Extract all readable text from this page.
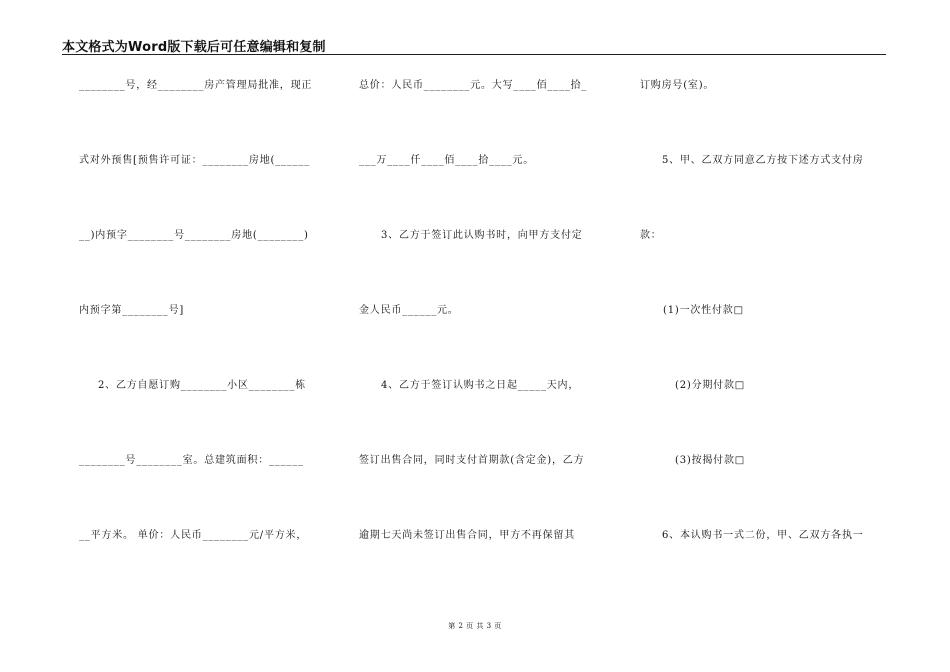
本文格式为Word版下载后可任意编辑和复制
________号，经________房产管理局批准，现正
式对外预售[预售许可证：________房地(______
__)内预字________号________房地(________)
内预字第________号]
2、乙方自愿订购________小区________栋
________号________室。总建筑面积：______
__平方米。 单价：人民币________元/平方米，
总价：人民币________元。大写____佰____拾_
___万____仟____佰____拾____元。
3、乙方于签订此认购书时，向甲方支付定
金人民币______元。
4、乙方于签订认购书之日起_____天内，
签订出售合同，同时支付首期款(含定金)，乙方
逾期七天尚未签订出售合同，甲方不再保留其
订购房号(室)。
5、甲、乙双方同意乙方按下述方式支付房
款：
(1)一次性付款□
(2)分期付款□
(3)按揭付款□
6、本认购书一式二份，甲、乙双方各执一
第 2 页 共 3 页
